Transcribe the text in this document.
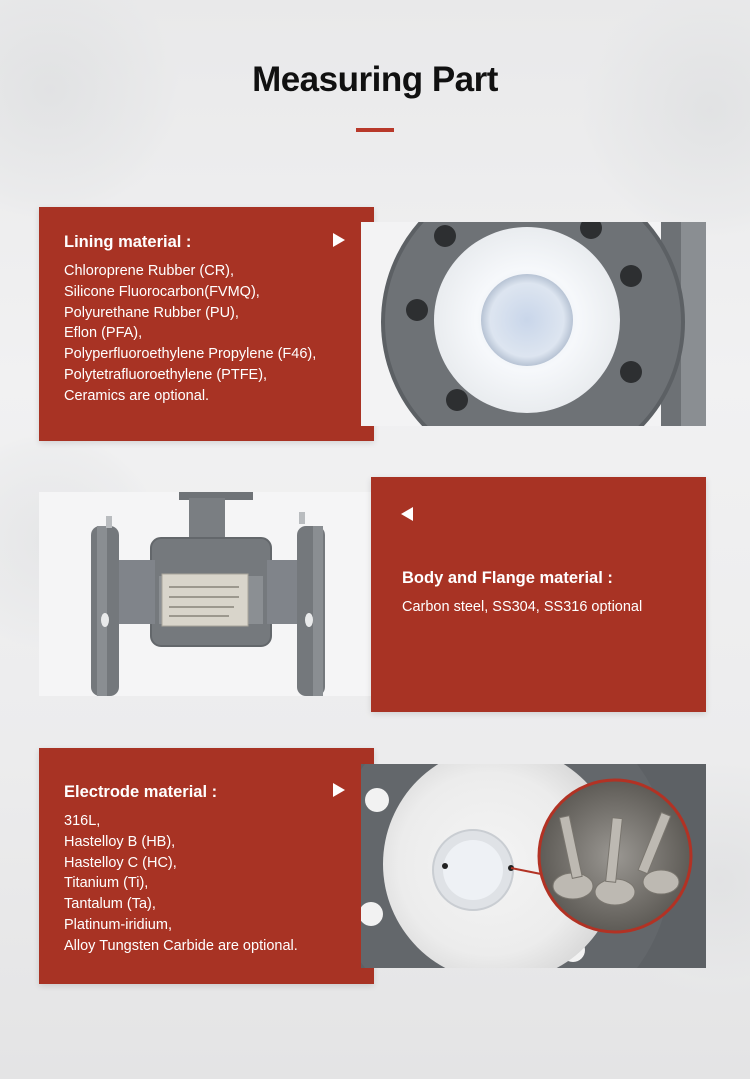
Measuring Part
Lining material :
Chloroprene Rubber (CR),
Silicone Fluorocarbon(FVMQ),
Polyurethane Rubber (PU),
Eflon (PFA),
Polyperfluoroethylene Propylene (F46),
Polytetrafluoroethylene (PTFE),
Ceramics are optional.
Body and Flange material :
Carbon steel, SS304, SS316 optional
Electrode material :
316L,
Hastelloy B (HB),
Hastelloy C (HC),
Titanium (Ti),
Tantalum (Ta),
Platinum-iridium,
Alloy Tungsten Carbide are optional.
